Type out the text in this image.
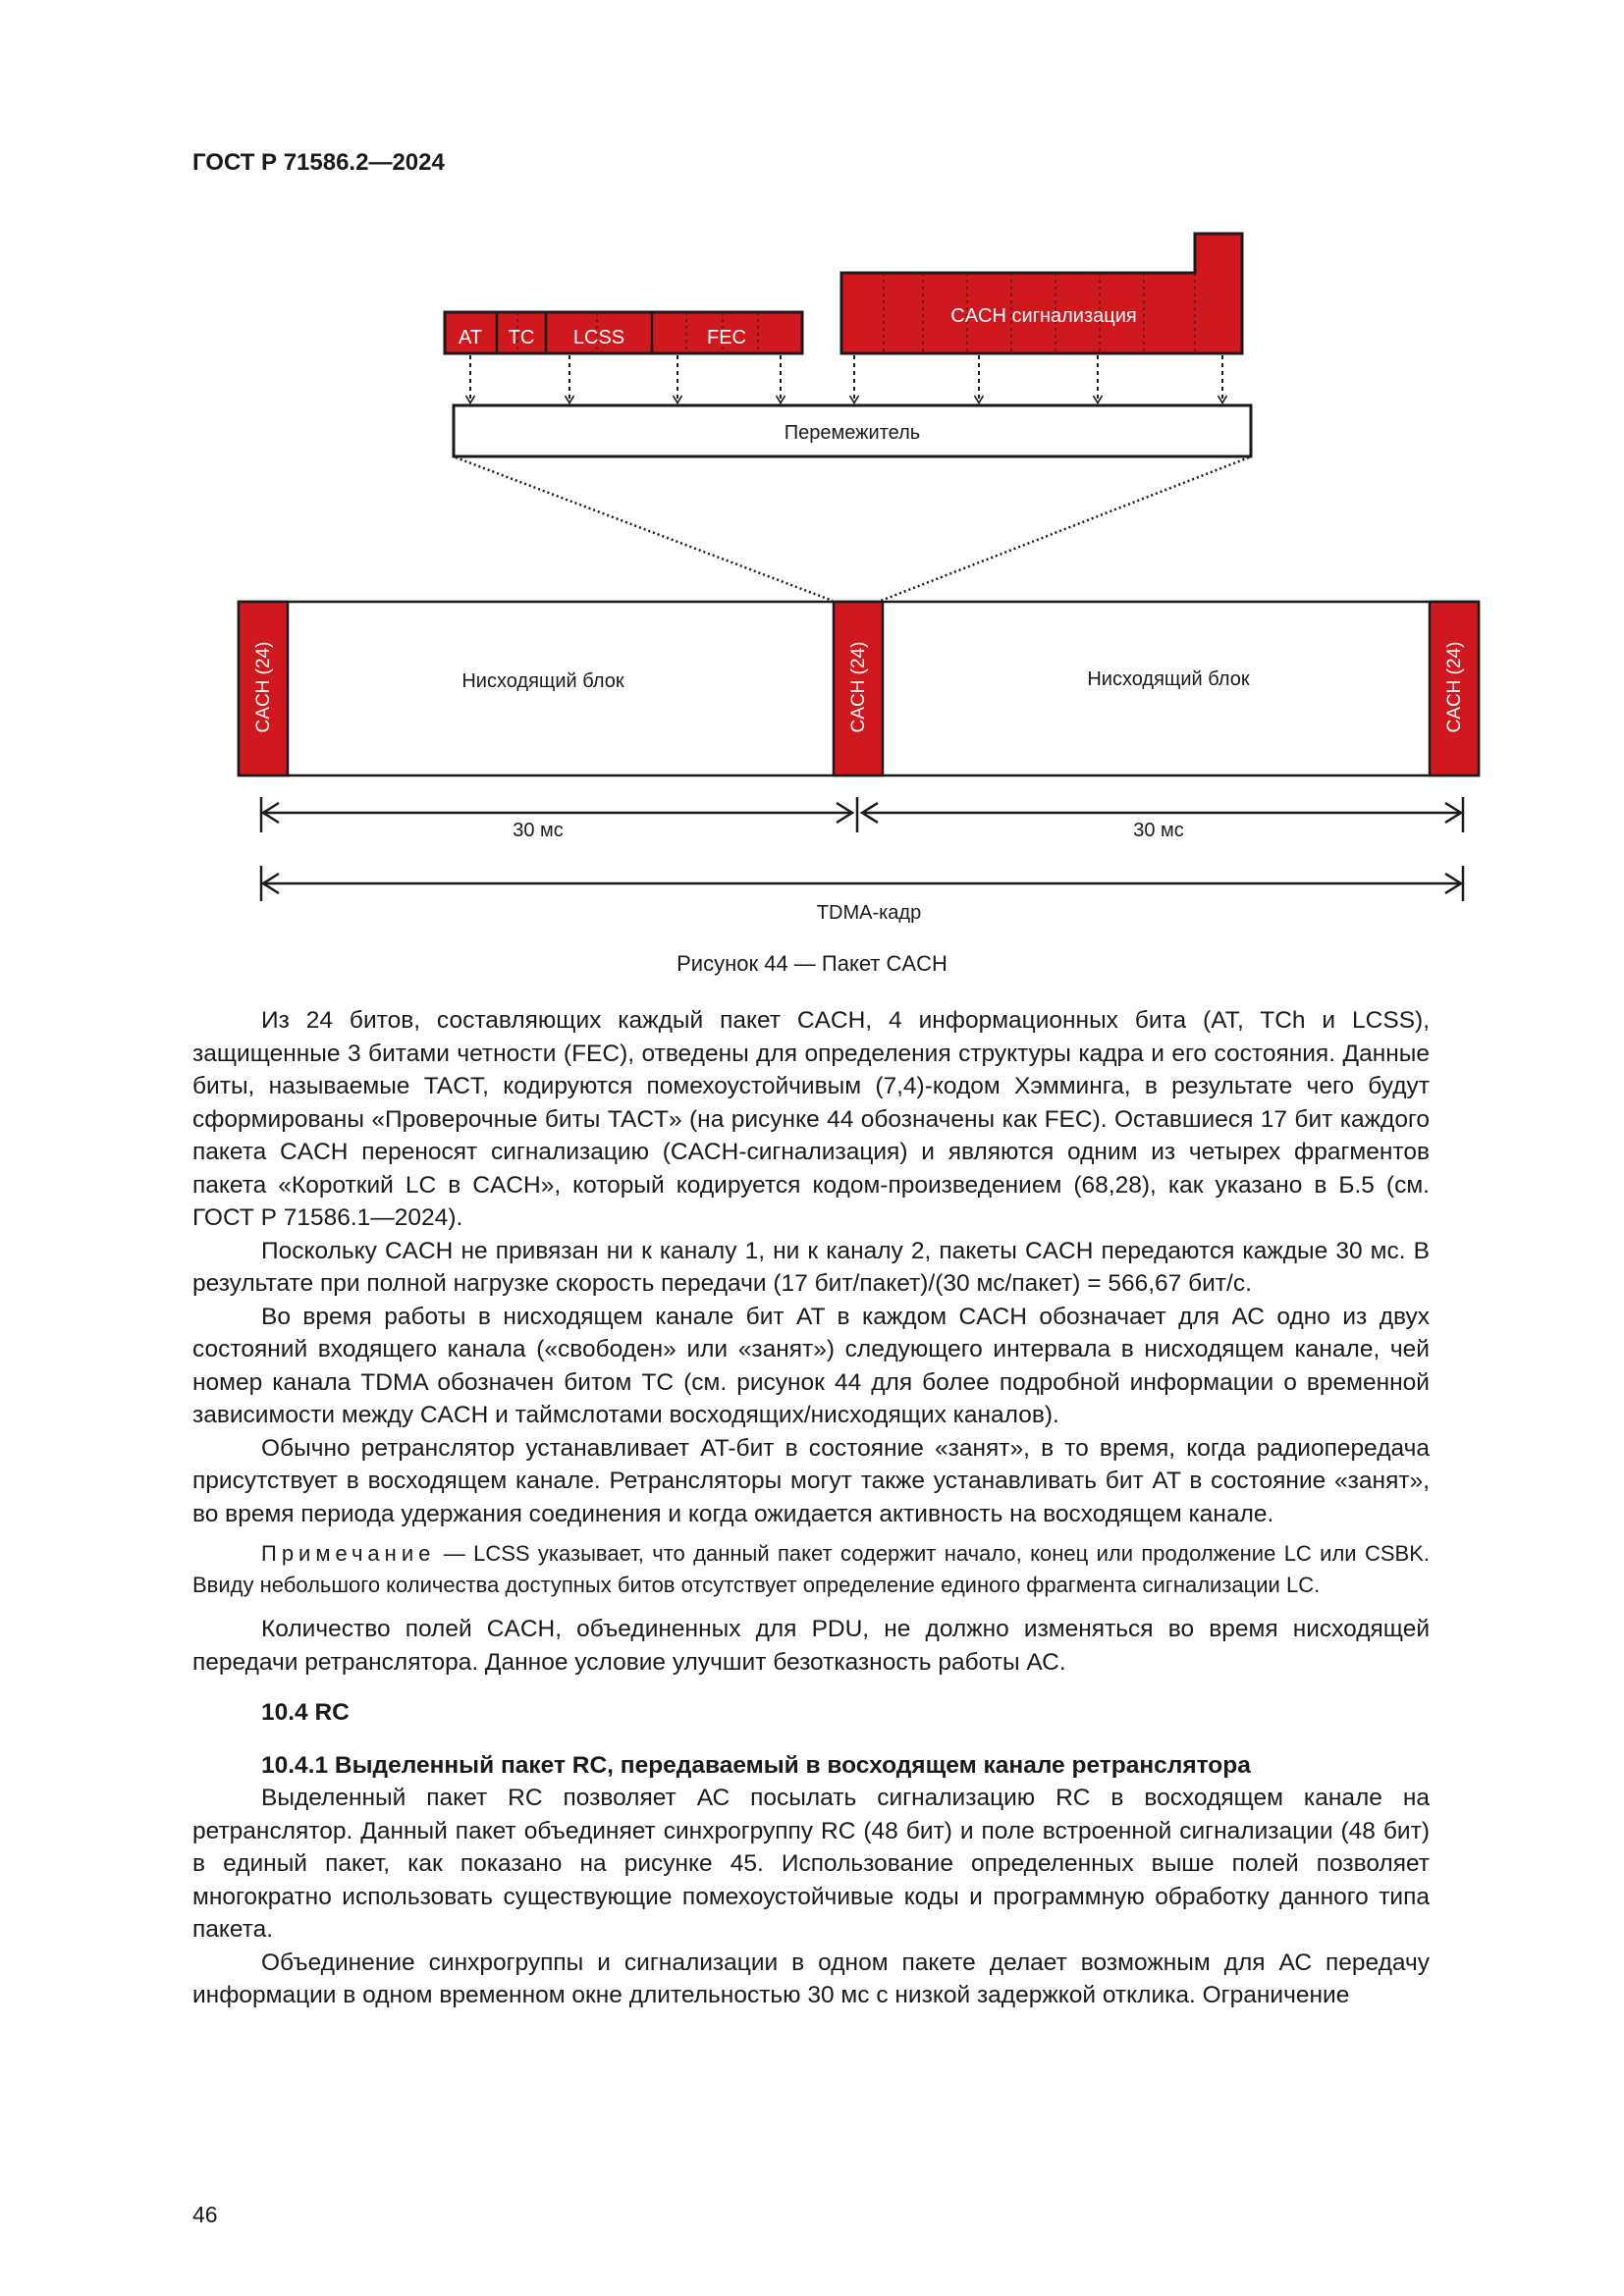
ГОСТ Р 71586.2—2024
AT TC LCSS	FEC
CACH сигнализация
Перемежитель
CACH (24)	CACH (24)	CACH (24)
Нисходящий блок	Нисходящий блок
30 мс	30 мс
TDMA-кадр
Рисунок 44 — Пакет CACH

Из 24 битов, составляющих каждый пакет CACH, 4 информационных бита (AT, TCh и LCSS), защищенные 3 битами четности (FEC), отведены для определения структуры кадра и его состояния. Данные биты, называемые TACT, кодируются помехоустойчивым (7,4)-кодом Хэмминга, в результате чего будут сформированы «Проверочные биты TACT» (на рисунке 44 обозначены как FEC). Оставшиеся 17 бит каждого пакета CACH переносят сигнализацию (CACH-сигнализация) и являются одним из четырех фрагментов пакета «Короткий LC в CACH», который кодируется кодом-произведением (68,28), как указано в Б.5 (см. ГОСТ Р 71586.1—2024).

Поскольку CACH не привязан ни к каналу 1, ни к каналу 2, пакеты CACH передаются каждые 30 мс. В результате при полной нагрузке скорость передачи (17 бит/пакет)/(30 мс/пакет) = 566,67 бит/с.

Во время работы в нисходящем канале бит AT в каждом CACH обозначает для АС одно из двух состояний входящего канала («свободен» или «занят») следующего интервала в нисходящем канале, чей номер канала TDMA обозначен битом TC (см. рисунок 44 для более подробной информации о временной зависимости между CACH и таймслотами восходящих/нисходящих каналов).

Обычно ретранслятор устанавливает AT-бит в состояние «занят», в то время, когда радиопередача присутствует в восходящем канале. Ретрансляторы могут также устанавливать бит AT в состояние «занят», во время периода удержания соединения и когда ожидается активность на восходящем канале.

Примечание — LCSS указывает, что данный пакет содержит начало, конец или продолжение LC или CSBK. Ввиду небольшого количества доступных битов отсутствует определение единого фрагмента сигнализации LC.

Количество полей CACH, объединенных для PDU, не должно изменяться во время нисходящей передачи ретранслятора. Данное условие улучшит безотказность работы АС.

10.4 RC

10.4.1 Выделенный пакет RC, передаваемый в восходящем канале ретранслятора

Выделенный пакет RC позволяет АС посылать сигнализацию RC в восходящем канале на ретранслятор. Данный пакет объединяет синхрогруппу RC (48 бит) и поле встроенной сигнализации (48 бит) в единый пакет, как показано на рисунке 45. Использование определенных выше полей позволяет многократно использовать существующие помехоустойчивые коды и программную обработку данного типа пакета.

Объединение синхрогруппы и сигнализации в одном пакете делает возможным для АС передачу информации в одном временном окне длительностью 30 мс с низкой задержкой отклика. Ограничение

46
